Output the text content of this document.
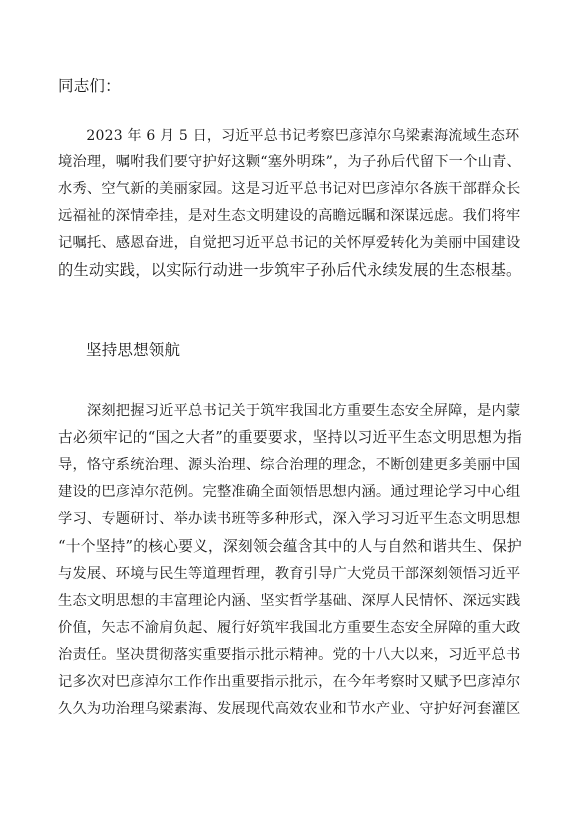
同志们：
　　2023 年 6 月 5 日，习近平总书记考察巴彦淖尔乌梁素海流域生态环
境治理，嘱咐我们要守护好这颗“塞外明珠”，为子孙后代留下一个山青、
水秀、空气新的美丽家园。这是习近平总书记对巴彦淖尔各族干部群众长
远福祉的深情牵挂，是对生态文明建设的高瞻远瞩和深谋远虑。我们将牢
记嘱托、感恩奋进，自觉把习近平总书记的关怀厚爱转化为美丽中国建设
的生动实践，以实际行动进一步筑牢子孙后代永续发展的生态根基。
坚持思想领航
　　深刻把握习近平总书记关于筑牢我国北方重要生态安全屏障，是内蒙
古必须牢记的“国之大者”的重要要求，坚持以习近平生态文明思想为指
导，恪守系统治理、源头治理、综合治理的理念，不断创建更多美丽中国
建设的巴彦淖尔范例。完整准确全面领悟思想内涵。通过理论学习中心组
学习、专题研讨、举办读书班等多种形式，深入学习习近平生态文明思想
“十个坚持”的核心要义，深刻领会蕴含其中的人与自然和谐共生、保护
与发展、环境与民生等道理哲理，教育引导广大党员干部深刻领悟习近平
生态文明思想的丰富理论内涵、坚实哲学基础、深厚人民情怀、深远实践
价值，矢志不渝肩负起、履行好筑牢我国北方重要生态安全屏障的重大政
治责任。坚决贯彻落实重要指示批示精神。党的十八大以来，习近平总书
记多次对巴彦淖尔工作作出重要指示批示，在今年考察时又赋予巴彦淖尔
久久为功治理乌梁素海、发展现代高效农业和节水产业、守护好河套灌区
